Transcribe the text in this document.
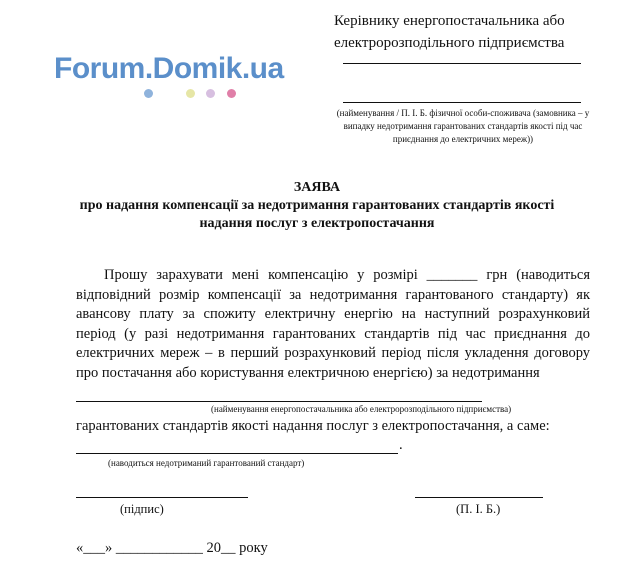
Forum.Domik.ua
Керівнику енергопостачальника або
електророзподільного підприємства
(найменування / П. І. Б. фізичної особи-споживача (замовника – у випадку недотримання гарантованих стандартів якості під час приєднання до електричних мереж))
ЗАЯВА
про надання компенсації за недотримання гарантованих стандартів якості
надання послуг з електропостачання
Прошу зарахувати мені компенсацію у розмірі _______ грн (наводиться відповідний розмір компенсації за недотримання гарантованого стандарту) як авансову плату за спожиту електричну енергію на наступний розрахунковий період (у разі недотримання гарантованих стандартів під час приєднання до електричних мереж – в перший розрахунковий період після укладення договору про постачання або користування електричною енергією) за недотримання
(найменування енергопостачальника або електророзподільного підприємства)
гарантованих стандартів якості надання послуг з електропостачання, а саме:
.
(наводиться недотриманий гарантований стандарт)
(підпис)	(П. І. Б.)
«___» ____________ 20__ року
